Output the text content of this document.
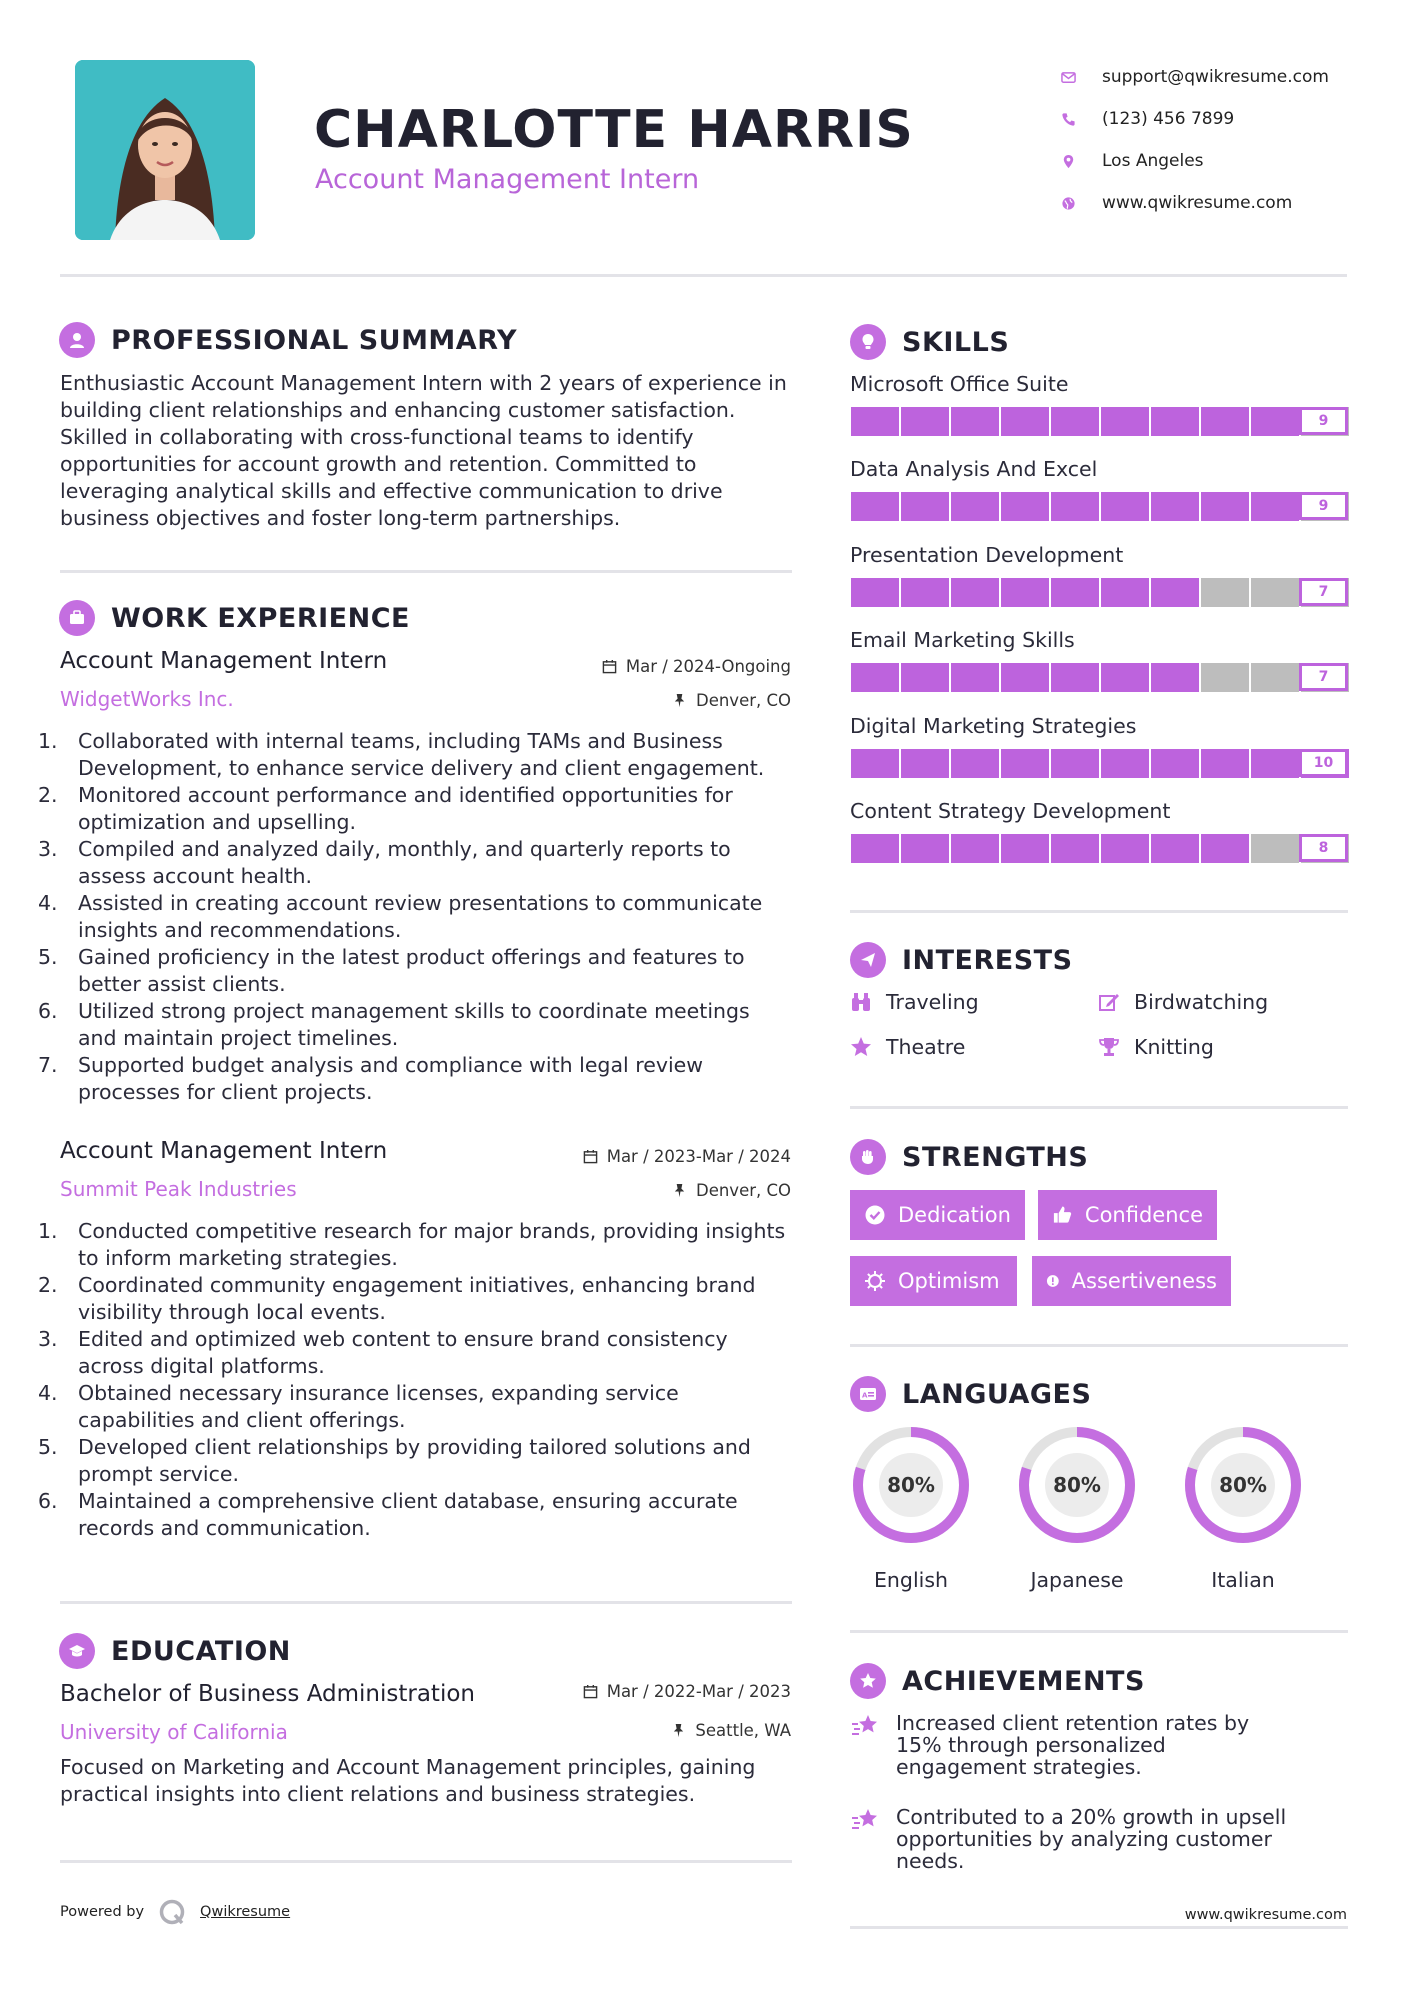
CHARLOTTE HARRIS
Account Management Intern
support@qwikresume.com
(123) 456 7899
Los Angeles
www.qwikresume.com
PROFESSIONAL SUMMARY
Enthusiastic Account Management Intern with 2 years of experience in building client relationships and enhancing customer satisfaction. Skilled in collaborating with cross-functional teams to identify opportunities for account growth and retention. Committed to leveraging analytical skills and effective communication to drive business objectives and foster long-term partnerships.
WORK EXPERIENCE
Account Management Intern	Mar / 2024-Ongoing
WidgetWorks Inc.	Denver, CO
Collaborated with internal teams, including TAMs and Business Development, to enhance service delivery and client engagement.
Monitored account performance and identified opportunities for optimization and upselling.
Compiled and analyzed daily, monthly, and quarterly reports to assess account health.
Assisted in creating account review presentations to communicate insights and recommendations.
Gained proficiency in the latest product offerings and features to better assist clients.
Utilized strong project management skills to coordinate meetings and maintain project timelines.
Supported budget analysis and compliance with legal review processes for client projects.
Account Management Intern	Mar / 2023-Mar / 2024
Summit Peak Industries	Denver, CO
Conducted competitive research for major brands, providing insights to inform marketing strategies.
Coordinated community engagement initiatives, enhancing brand visibility through local events.
Edited and optimized web content to ensure brand consistency across digital platforms.
Obtained necessary insurance licenses, expanding service capabilities and client offerings.
Developed client relationships by providing tailored solutions and prompt service.
Maintained a comprehensive client database, ensuring accurate records and communication.
EDUCATION
Bachelor of Business Administration	Mar / 2022-Mar / 2023
University of California	Seattle, WA
Focused on Marketing and Account Management principles, gaining practical insights into client relations and business strategies.
SKILLS
Microsoft Office Suite
9
Data Analysis And Excel
9
Presentation Development
7
Email Marketing Skills
7
Digital Marketing Strategies
10
Content Strategy Development
8
INTERESTS
Traveling	Birdwatching
Theatre	Knitting
STRENGTHS
Dedication	Confidence
Optimism	Assertiveness
A LANGUAGES
80%
English
80%
Japanese
80%
Italian
ACHIEVEMENTS
Increased client retention rates by 15% through personalized engagement strategies.
Contributed to a 20% growth in upsell opportunities by analyzing customer needs.
Powered by	Qwikresume	www.qwikresume.com
